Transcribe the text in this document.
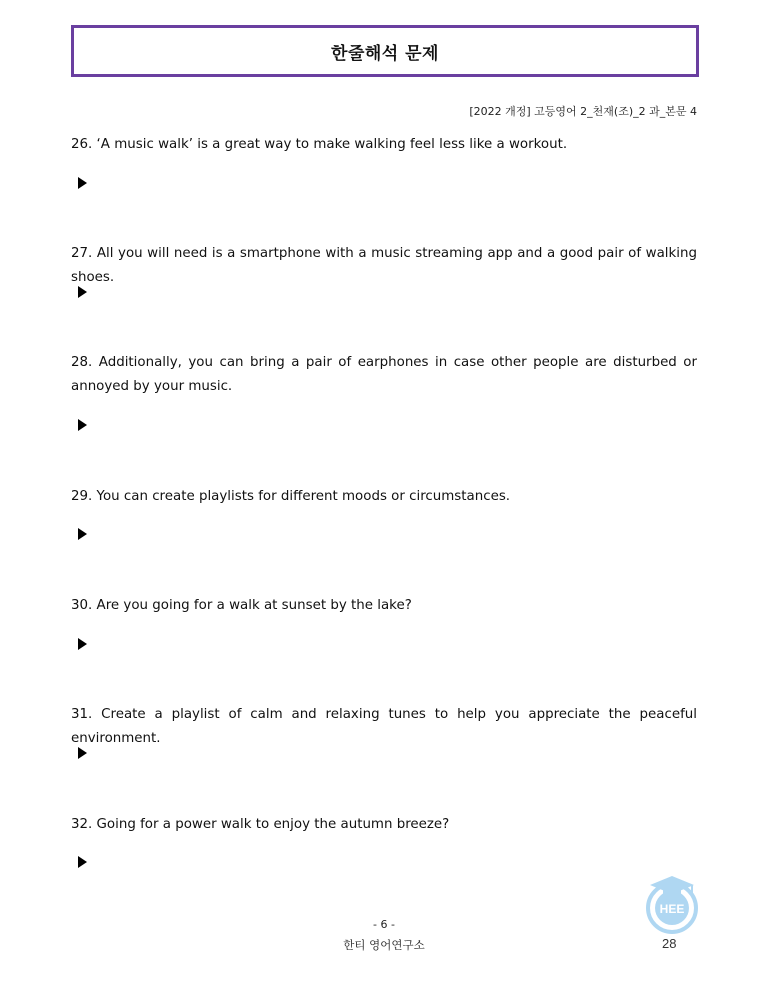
한줄해석 문제
[2022 개정] 고등영어 2_천재(조)_2 과_본문 4
26. ‘A music walk’ is a great way to make walking feel less like a workout.
27. All you will need is a smartphone with a music streaming app and a good pair of walking shoes.
28. Additionally, you can bring a pair of earphones in case other people are disturbed or annoyed by your music.
29. You can create playlists for different moods or circumstances.
30. Are you going for a walk at sunset by the lake?
31. Create a playlist of calm and relaxing tunes to help you appreciate the peaceful environment.
32. Going for a power walk to enjoy the autumn breeze?
- 6 -
한티 영어연구소
HEE
28
